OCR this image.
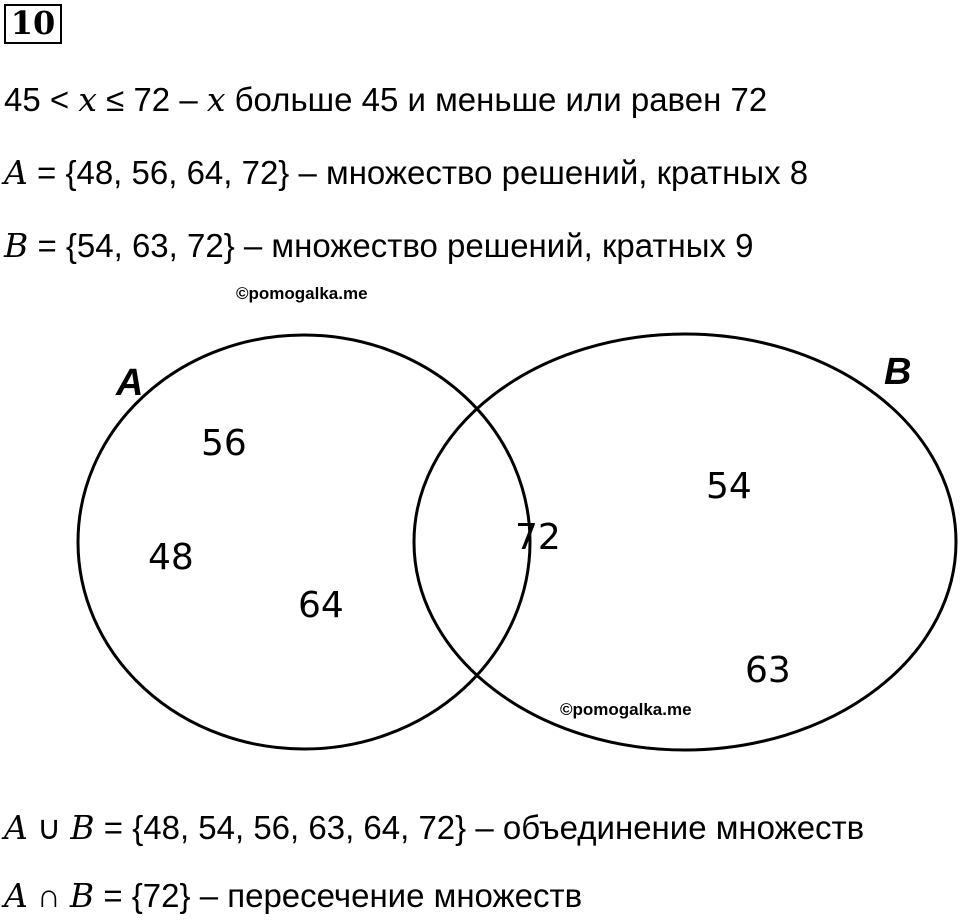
10
45 < x ≤ 72 – x больше 45 и меньше или равен 72
A = {48, 56, 64, 72} – множество решений, кратных 8
B = {54, 63, 72} – множество решений, кратных 9
©pomogalka.me
A	B
56
48
64
72
54
63
©pomogalka.me
A ∪ B = {48, 54, 56, 63, 64, 72} – объединение множеств
A ∩ B = {72} – пересечение множеств
